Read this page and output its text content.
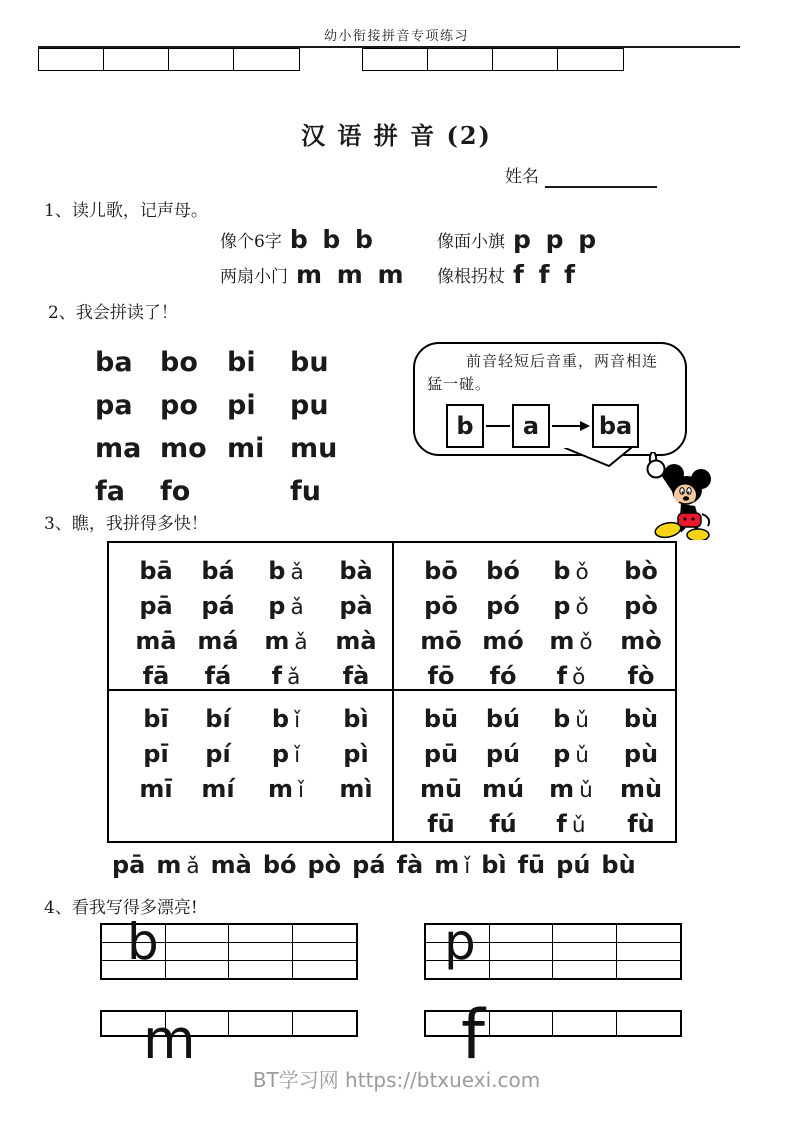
幼小衔接拼音专项练习
汉 语 拼 音 (2)
姓名
1、读儿歌，记声母。
像个6字 b b b	像面小旗 p p p
两扇小门 m m m 像根拐杖 f f f
2、我会拼读了！
ba bo bi bu
pa po pi pu
ma mo mi mu
fa fo	fu
前音轻短后音重，两音相连
猛一碰。
b	a	ba
3、瞧，我拼得多快！
bā bá b ǎ bà
pā pá p ǎ pà
mā má m ǎ mà
fā fá f ǎ fà
bō bó b ǒ bò
pō pó p ǒ pò
mō mó m ǒ mò
fō fó f ǒ fò
bī bí b ǐ bì
pī pí p ǐ pì
mī mí m ǐ mì
bū bú b ǔ bù
pū pú p ǔ pù
mū mú m ǔ mù
fū fú f ǔ fù
pā m ǎ mà bó pò pá fà m ǐ bì fū pú bù
4、看我写得多漂亮!
b	p
m	f
BT学习网 https://btxuexi.com
